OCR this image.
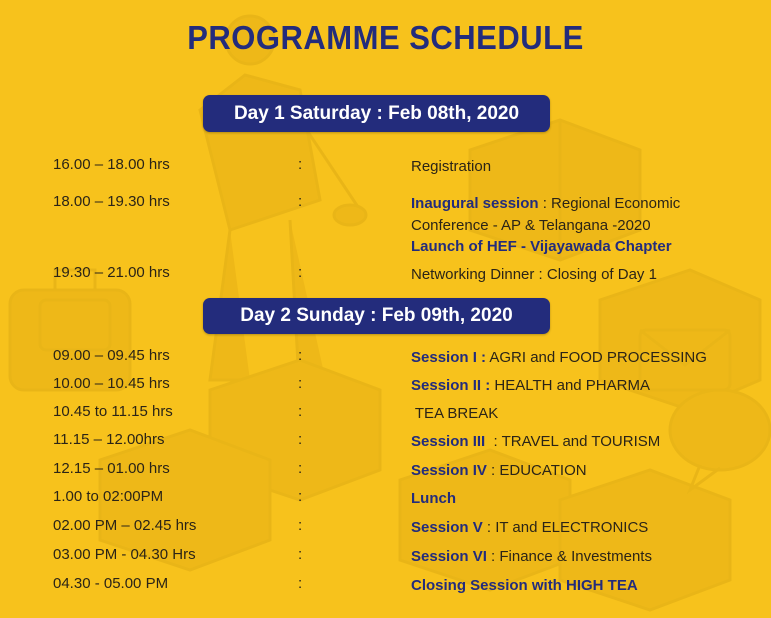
PROGRAMME SCHEDULE
Day 1 Saturday : Feb 08th, 2020
16.00 – 18.00 hrs	:	Registration
18.00 – 19.30 hrs	:	Inaugural session : Regional Economic Conference - AP & Telangana -2020
Launch of HEF - Vijayawada Chapter
19.30 – 21.00 hrs	:	Networking Dinner : Closing of Day 1
Day 2 Sunday : Feb 09th, 2020
09.00 – 09.45 hrs	:	Session I : AGRI and FOOD PROCESSING
10.00 – 10.45 hrs	:	Session II : HEALTH and PHARMA
10.45 to 11.15 hrs	:	TEA BREAK
11.15 – 12.00hrs	:	Session III  : TRAVEL and TOURISM
12.15 – 01.00 hrs	:	Session IV : EDUCATION
1.00 to 02:00PM	:	Lunch
02.00 PM – 02.45 hrs	:	Session V : IT and ELECTRONICS
03.00 PM - 04.30 Hrs	:	Session VI : Finance & Investments
04.30 - 05.00 PM	:	Closing Session with HIGH TEA
